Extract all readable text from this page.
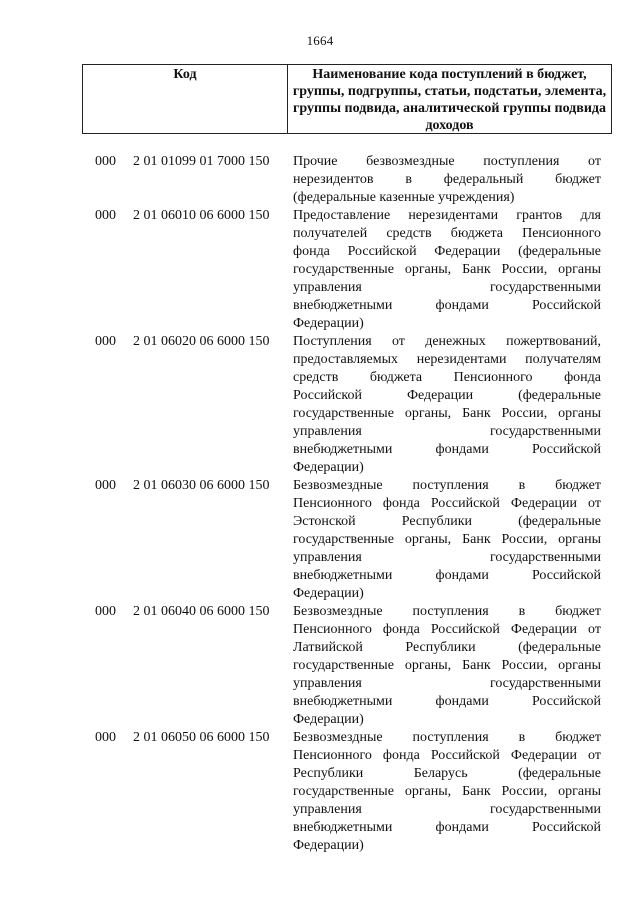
1664
Код	Наименование кода поступлений в бюджет, группы, подгруппы, статьи, подстатьи, элемента, группы подвида, аналитической группы подвида доходов
000 2 01 01099 01 7000 150 Прочие безвозмездные поступления от
нерезидентов в федеральный бюджет
(федеральные казенные учреждения)
000 2 01 06010 06 6000 150 Предоставление нерезидентами грантов для
получателей средств бюджета Пенсионного
фонда Российской Федерации (федеральные
государственные органы, Банк России, органы
управления государственными
внебюджетными фондами Российской
Федерации)
000 2 01 06020 06 6000 150 Поступления от денежных пожертвований,
предоставляемых нерезидентами получателям
средств бюджета Пенсионного фонда
Российской Федерации (федеральные
государственные органы, Банк России, органы
управления государственными
внебюджетными фондами Российской
Федерации)
000 2 01 06030 06 6000 150 Безвозмездные поступления в бюджет
Пенсионного фонда Российской Федерации от
Эстонской Республики (федеральные
государственные органы, Банк России, органы
управления государственными
внебюджетными фондами Российской
Федерации)
000 2 01 06040 06 6000 150 Безвозмездные поступления в бюджет
Пенсионного фонда Российской Федерации от
Латвийской Республики (федеральные
государственные органы, Банк России, органы
управления государственными
внебюджетными фондами Российской
Федерации)
000 2 01 06050 06 6000 150 Безвозмездные поступления в бюджет
Пенсионного фонда Российской Федерации от
Республики Беларусь (федеральные
государственные органы, Банк России, органы
управления государственными
внебюджетными фондами Российской
Федерации)
